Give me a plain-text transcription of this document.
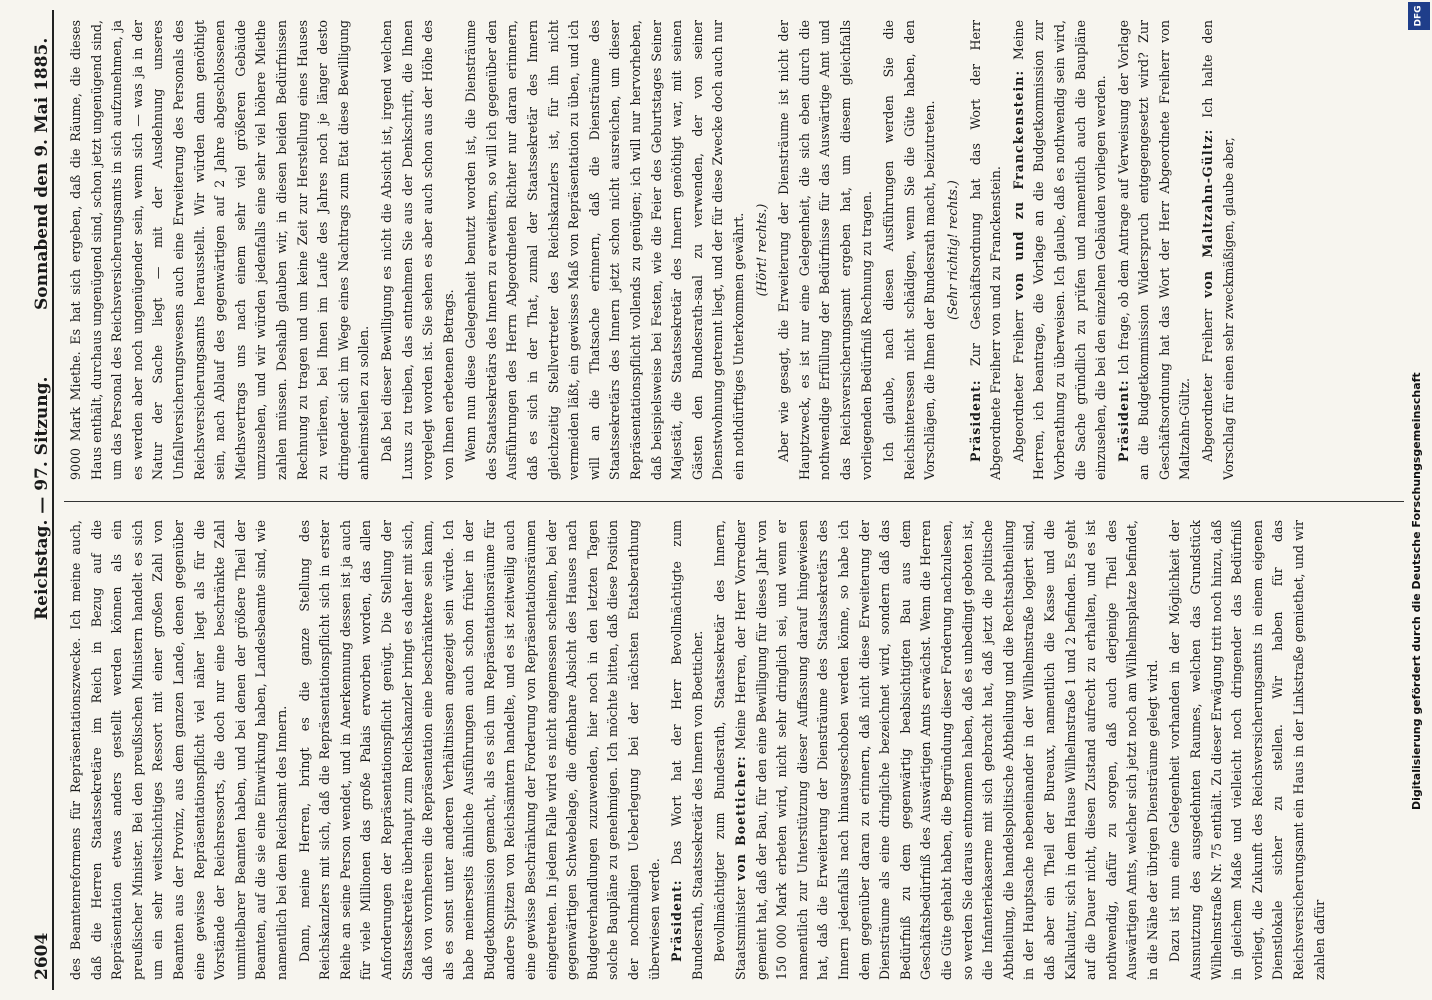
2604
Reichstag. — 97. Sitzung.
Sonnabend den 9. Mai 1885.

des Beamtenreformens für Repräsentationszwecke. Ich meine auch, daß die Herren Staatssekretäre im Reich in Bezug auf die Repräsentation etwas anders gestellt werden können als ein preußischer Minister. Bei den preußischen Ministern handelt es sich um ein sehr weitschichtiges Ressort mit einer großen Zahl von Beamten aus der Provinz, aus dem ganzen Lande, denen gegenüber eine gewisse Repräsentationspflicht viel näher liegt als für die Vorstände der Reichsressorts, die doch nur eine beschränkte Zahl unmittelbarer Beamten haben, und bei denen der größere Theil der Beamten, auf die sie eine Einwirkung haben, Landesbeamte sind, wie namentlich bei dem Reichsamt des Innern. Dann, meine Herren, bringt es die ganze Stellung des Reichskanzlers mit sich, daß die Repräsentationspflicht sich in erster Reihe an seine Person wendet, und in Anerkennung dessen ist ja auch für viele Millionen das große Palais erworben worden, das allen Anforderungen der Repräsentationspflicht genügt. Die Stellung der Staatssekretäre überhaupt zum Reichskanzler bringt es daher mit sich, daß von vornherein die Repräsentation eine beschränktere sein kann, als es sonst unter anderen Verhältnissen angezeigt sein würde. Ich habe meinerseits ähnliche Ausführungen auch schon früher in der Budgetkommission gemacht, als es sich um Repräsentationsräume für andere Spitzen von Reichsämtern handelte, und es ist zeitweilig auch eine gewisse Beschränkung der Forderung von Repräsentationsräumen eingetreten. In jedem Falle wird es nicht angemessen scheinen, bei der gegenwärtigen Schwebelage, die offenbare Absicht des Hauses nach Budgetverhandlungen zuzuwenden, hier noch in den letzten Tagen solche Baupläne zu genehmigen. Ich möchte bitten, daß diese Position der nochmaligen Ueberlegung bei der nächsten Etatsberathung überwiesen werde. Präsident: Das Wort hat der Herr Bevollmächtigte zum Bundesrath, Staatssekretär des Innern von Boetticher. Bevollmächtigter zum Bundesrath, Staatssekretär des Innern, Staatsminister von Boetticher: Meine Herren, der Herr Vorredner gemeint hat, daß der Bau, für den eine Bewilligung für dieses Jahr von 150 000 Mark erbeten wird, nicht sehr dringlich sei, und wenn er namentlich zur Unterstützung dieser Auffassung darauf hingewiesen hat, daß die Erweiterung der Diensträume des Staatssekretärs des Innern jedenfalls nach hinausgeschoben werden könne, so habe ich dem gegenüber daran zu erinnern, daß nicht diese Erweiterung der Diensträume als eine dringliche bezeichnet wird, sondern daß das Bedürfniß zu dem gegenwärtig beabsichtigten Bau aus dem Geschäftsbedürfniß des Auswärtigen Amts erwächst. Wenn die Herren die Güte gehabt haben, die Begründung dieser Forderung nachzulesen, so werden Sie daraus entnommen haben, daß es unbedingt geboten ist, die Infanteriekaserne mit sich gebracht hat, daß jetzt die politische Abtheilung, die handelspolitische Abtheilung und die Rechtsabtheilung in der Hauptsache nebeneinander in der Wilhelmstraße logiert sind, daß aber ein Theil der Bureaux, namentlich die Kasse und die Kalkulatur, sich in dem Hause Wilhelmstraße 1 und 2 befinden. Es geht auf die Dauer nicht, diesen Zustand aufrecht zu erhalten, und es ist nothwendig, dafür zu sorgen, daß auch derjenige Theil des Auswärtigen Amts, welcher sich jetzt noch am Wilhelmsplatze befindet, in die Nähe der übrigen Diensträume gelegt wird. Dazu ist nun eine Gelegenheit vorhanden in der Möglichkeit der Ausnutzung des ausgedehnten Raumes, welchen das Grundstück Wilhelmstraße Nr. 75 enthält. Zu dieser Erwägung tritt noch hinzu, daß in gleichem Maße und vielleicht noch dringender das Bedürfniß vorliegt, die Zukunft des Reichsversicherungsamts in einem eigenen Dienstlokale sicher zu stellen. Wir haben für das Reichsversicherungsamt ein Haus in der Linkstraße gemiethet, und wir zahlen dafür

9000 Mark Miethe. Es hat sich ergeben, daß die Räume, die dieses Haus enthält, durchaus ungenügend sind, schon jetzt ungenügend sind, um das Personal des Reichsversicherungsamts in sich aufzunehmen, ja es werden aber noch ungenügender sein, wenn sich — was ja in der Natur der Sache liegt — mit der Ausdehnung unseres Unfallversicherungswesens auch eine Erweiterung des Personals des Reichsversicherungsamts herausstellt. Wir würden dann genöthigt sein, nach Ablauf des gegenwärtigen auf 2 Jahre abgeschlossenen Miethsvertrags uns nach einem sehr viel größeren Gebäude umzusehen, und wir würden jedenfalls eine sehr viel höhere Miethe zahlen müssen. Deshalb glauben wir, in diesen beiden Bedürfnissen Rechnung zu tragen und um keine Zeit zur Herstellung eines Hauses zu verlieren, bei Ihnen im Laufe des Jahres noch je länger desto dringender sich im Wege eines Nachtrags zum Etat diese Bewilligung anheimstellen zu sollen. Daß bei dieser Bewilligung es nicht die Absicht ist, irgend welchen Luxus zu treiben, das entnehmen Sie aus der Denkschrift, die Ihnen vorgelegt worden ist. Sie sehen es aber auch schon aus der Höhe des von Ihnen erbetenen Betrags. Wenn nun diese Gelegenheit benutzt worden ist, die Diensträume des Staatssekretärs des Innern zu erweitern, so will ich gegenüber den Ausführungen des Herrn Abgeordneten Richter nur daran erinnern, daß es sich in der That, zumal der Staatssekretär des Innern gleichzeitig Stellvertreter des Reichskanzlers ist, für ihn nicht vermeiden läßt, ein gewisses Maß von Repräsentation zu üben, und ich will an die Thatsache erinnern, daß die Diensträume des Staatssekretärs des Innern jetzt schon nicht ausreichen, um dieser Repräsentationspflicht vollends zu genügen; ich will nur hervorheben, daß beispielsweise bei Festen, wie die Feier des Geburtstages Seiner Majestät, die Staatssekretär des Innern genöthigt war, mit seinen Gästen den Bundesrath-saal zu verwenden, der von seiner Dienstwohnung getrennt liegt, und der für diese Zwecke doch auch nur ein nothdürftiges Unterkommen gewährt. (Hört! rechts.) Aber wie gesagt, die Erweiterung der Diensträume ist nicht der Hauptzweck, es ist nur eine Gelegenheit, die sich eben durch die nothwendige Erfüllung der Bedürfnisse für das Auswärtige Amt und das Reichsversicherungsamt ergeben hat, um diesem gleichfalls vorliegenden Bedürfniß Rechnung zu tragen. Ich glaube, nach diesen Ausführungen werden Sie die Reichsinteressen nicht schädigen, wenn Sie die Güte haben, den Vorschlägen, die Ihnen der Bundesrath macht, beizutreten. (Sehr richtig! rechts.)

Präsident: Zur Geschäftsordnung hat das Wort der Herr Abgeordnete Freiherr von und zu Franckenstein. Abgeordneter Freiherr von und zu Franckenstein: Meine Herren, ich beantrage, die Vorlage an die Budgetkommission zur Vorberathung zu überweisen. Ich glaube, daß es nothwendig sein wird, die Sache gründlich zu prüfen und namentlich auch die Baupläne einzusehen, die bei den einzelnen Gebäuden vorliegen werden. Präsident: Ich frage, ob dem Antrage auf Verweisung der Vorlage an die Budgetkommission Widerspruch entgegengesetzt wird? Zur Geschäftsordnung hat das Wort der Herr Abgeordnete Freiherr von Maltzahn-Gültz. Abgeordneter Freiherr von Maltzahn-Gültz: Ich halte den Vorschlag für einen sehr zweckmäßigen, glaube aber,

DFG
Digitalisierung gefördert durch die Deutsche Forschungsgemeinschaft
